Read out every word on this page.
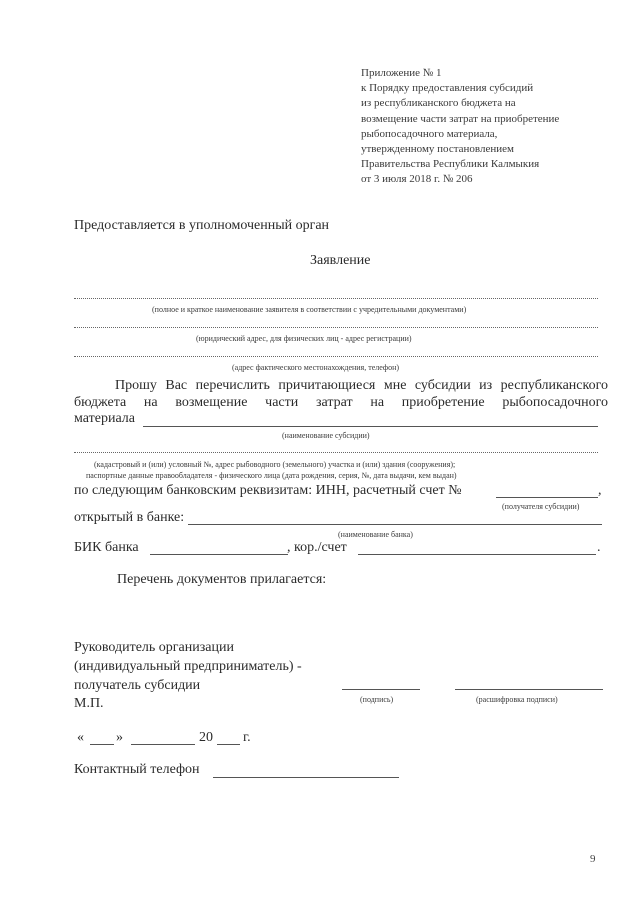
Приложение № 1
к Порядку предоставления субсидий
из республиканского бюджета на
возмещение части затрат на приобретение
рыбопосадочного материала,
утвержденному постановлением
Правительства Республики Калмыкия
от 3 июля 2018 г. № 206
Предоставляется в уполномоченный орган
Заявление
(полное и краткое наименование заявителя в соответствии с учредительными документами)
(юридический адрес, для физических лиц - адрес регистрации)
(адрес фактического местонахождения, телефон)
Прошу Вас перечислить причитающиеся мне субсидии из республиканского
бюджета на возмещение части затрат на приобретение рыбопосадочного
материала
(наименование субсидии)
(кадастровый и (или) условный №, адрес рыбоводного (земельного) участка и (или) здания (сооружения);
паспортные данные правообладателя - физического лица (дата рождения, серия, №, дата выдачи, кем выдан)
по следующим банковским реквизитам: ИНН, расчетный счет №	,
(получателя субсидии)
открытый в банке:
(наименование банка)
БИК банка	, кор./счет	.
Перечень документов прилагается:
Руководитель организации
(индивидуальный предприниматель) -
получатель субсидии
М.П.	(подпись)	(расшифровка подписи)
« »	20 г.
Контактный телефон
9
